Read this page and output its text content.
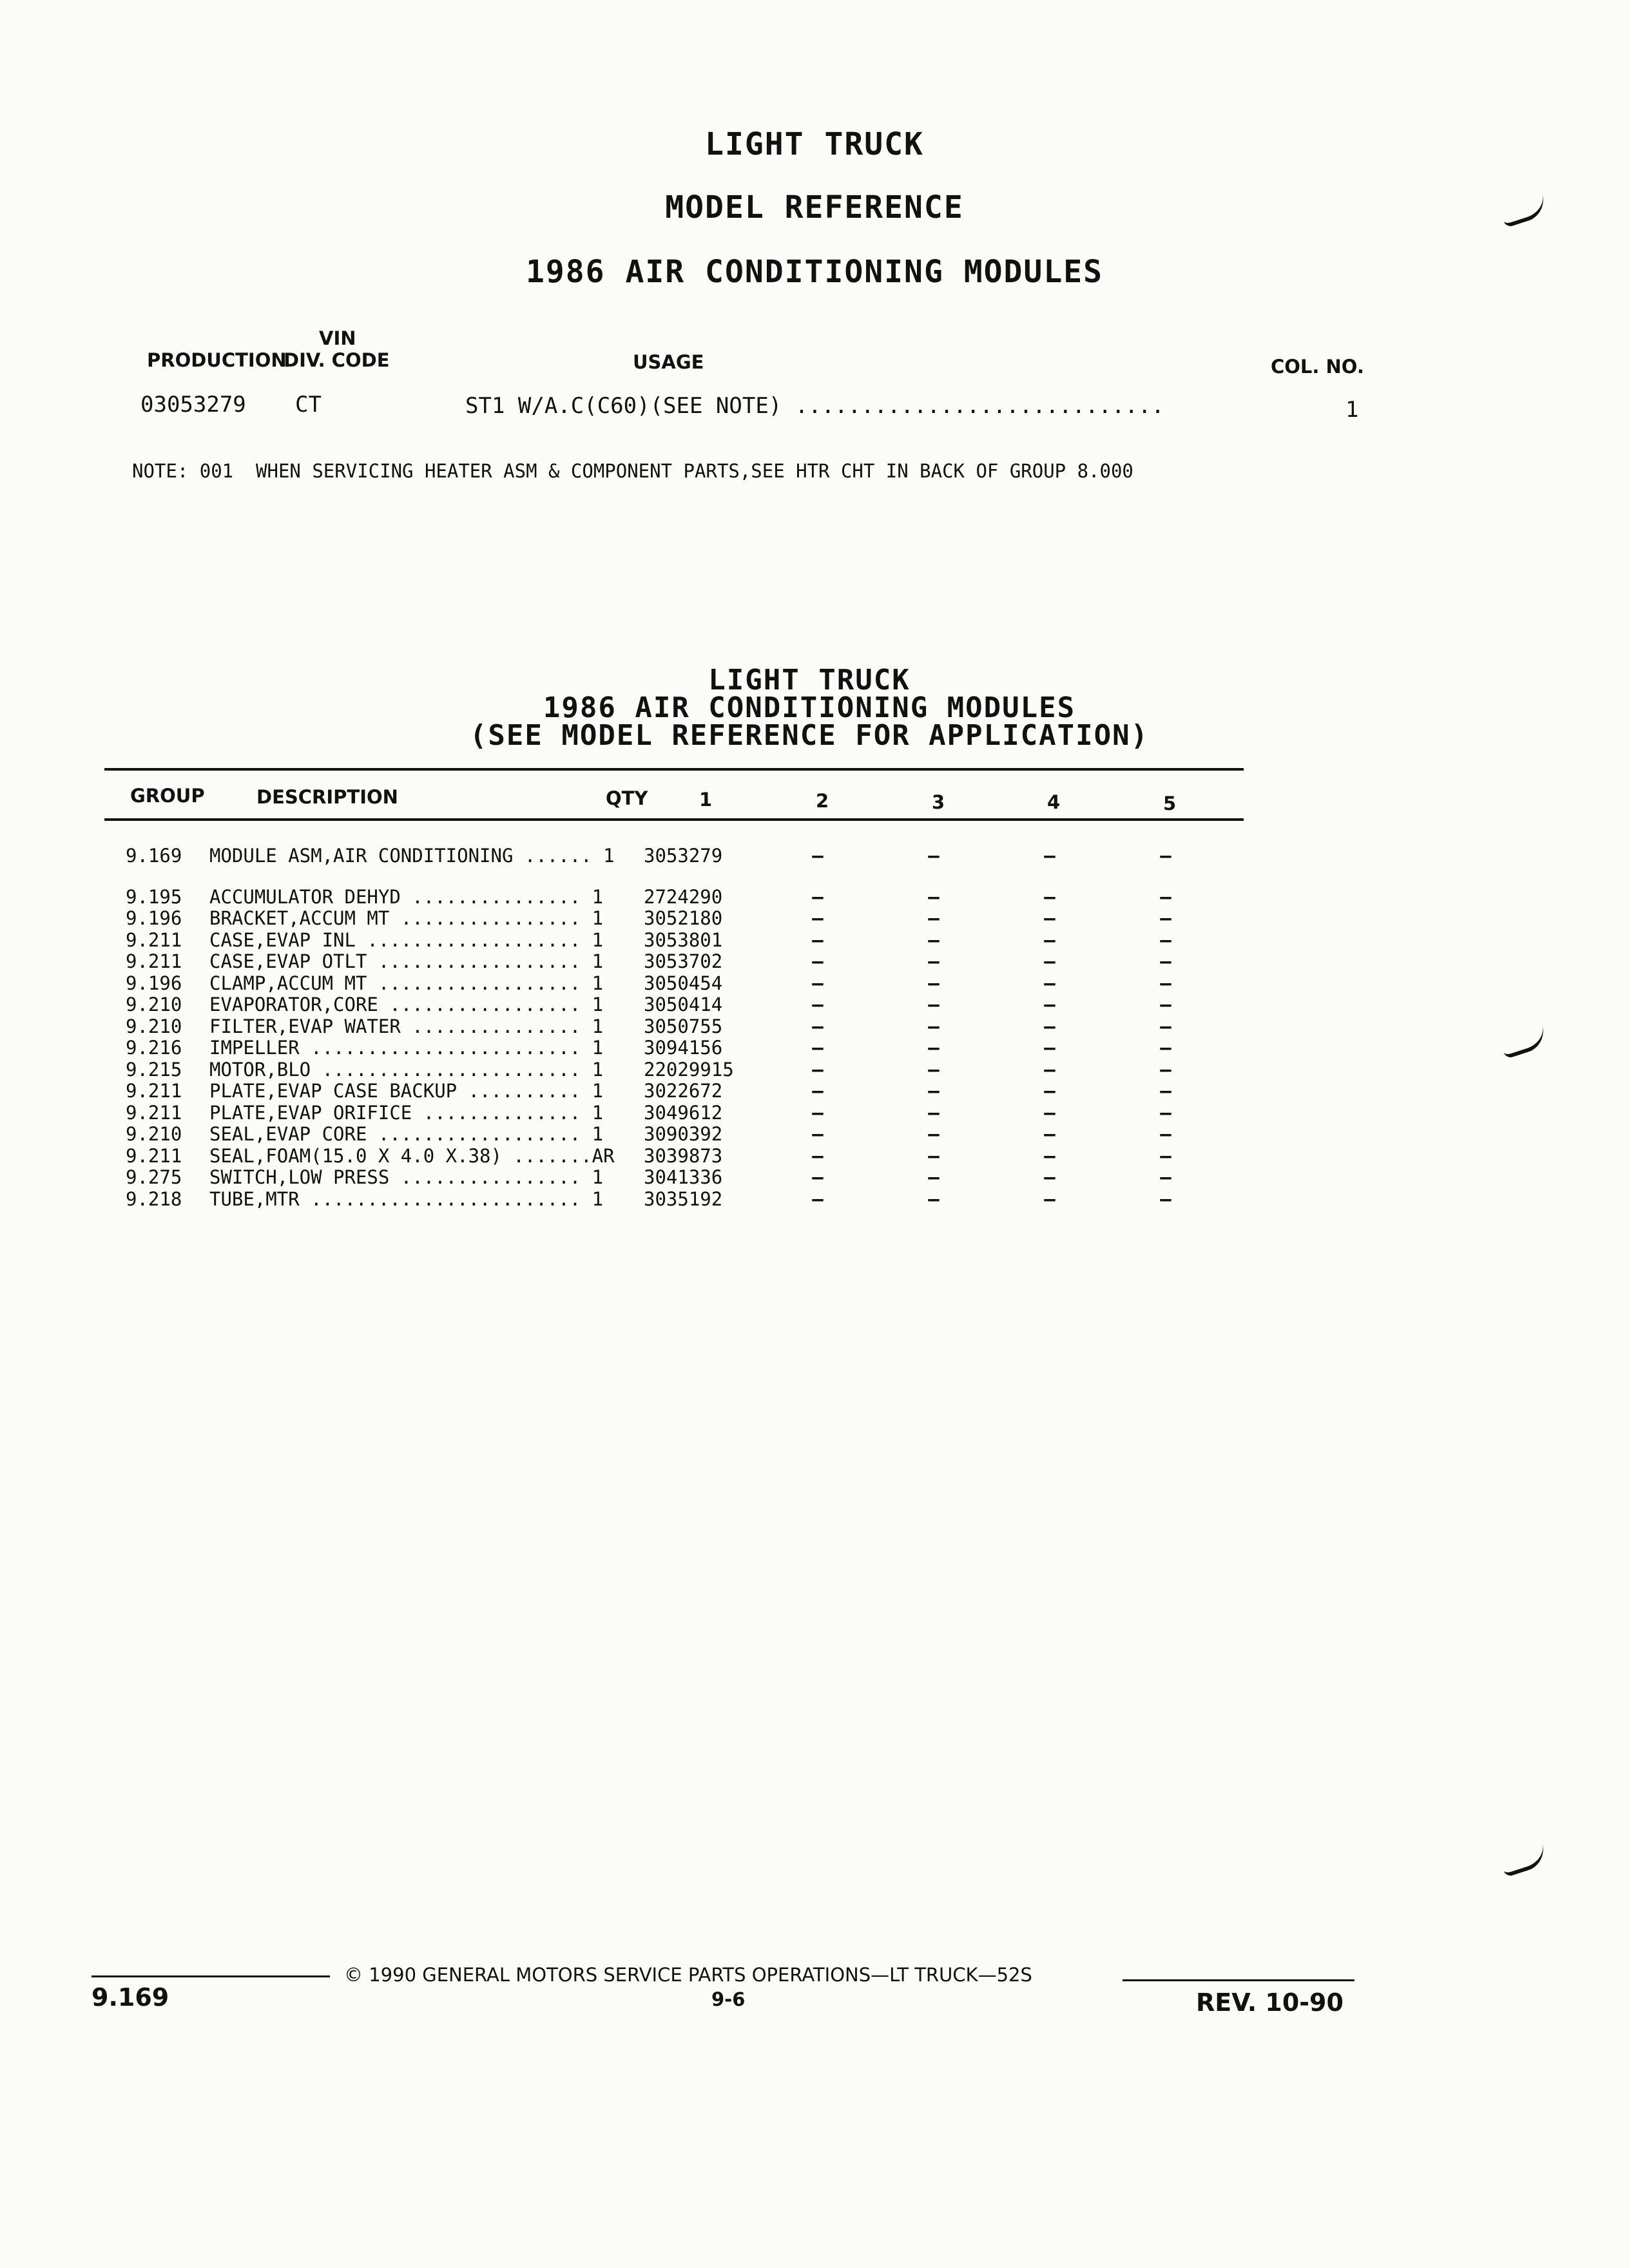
LIGHT TRUCK
MODEL REFERENCE
1986 AIR CONDITIONING MODULES
VIN
PRODUCTION
DIV. CODE	USAGE	COL. NO.
03053279 CT	ST1 W/A.C(C60)(SEE NOTE) ............................	1
NOTE: 001  WHEN SERVICING HEATER ASM & COMPONENT PARTS,SEE HTR CHT IN BACK OF GROUP 8.000
LIGHT TRUCK
1986 AIR CONDITIONING MODULES
(SEE MODEL REFERENCE FOR APPLICATION)
GROUP	DESCRIPTION	QTY	1	2	3	4	5
9.169	MODULE ASM,AIR CONDITIONING ...... 1	3053279	—	—	—	—

9.195	ACCUMULATOR DEHYD ............... 1	2724290	—	—	—	—
9.196	BRACKET,ACCUM MT ................ 1	3052180	—	—	—	—
9.211	CASE,EVAP INL ................... 1	3053801	—	—	—	—
9.211	CASE,EVAP OTLT .................. 1	3053702	—	—	—	—
9.196	CLAMP,ACCUM MT .................. 1	3050454	—	—	—	—
9.210	EVAPORATOR,CORE ................. 1	3050414	—	—	—	—
9.210	FILTER,EVAP WATER ............... 1	3050755	—	—	—	—
9.216	IMPELLER ........................ 1	3094156	—	—	—	—
9.215	MOTOR,BLO ....................... 1	22029915	—	—	—	—
9.211	PLATE,EVAP CASE BACKUP .......... 1	3022672	—	—	—	—
9.211	PLATE,EVAP ORIFICE .............. 1	3049612	—	—	—	—
9.210	SEAL,EVAP CORE .................. 1	3090392	—	—	—	—
9.211	SEAL,FOAM(15.0 X 4.0 X.38) .......AR	3039873	—	—	—	—
9.275	SWITCH,LOW PRESS ................ 1	3041336	—	—	—	—
9.218	TUBE,MTR ........................ 1	3035192	—	—	—	—
© 1990 GENERAL MOTORS SERVICE PARTS OPERATIONS—LT TRUCK—52S
9.169	9-6	REV. 10-90
